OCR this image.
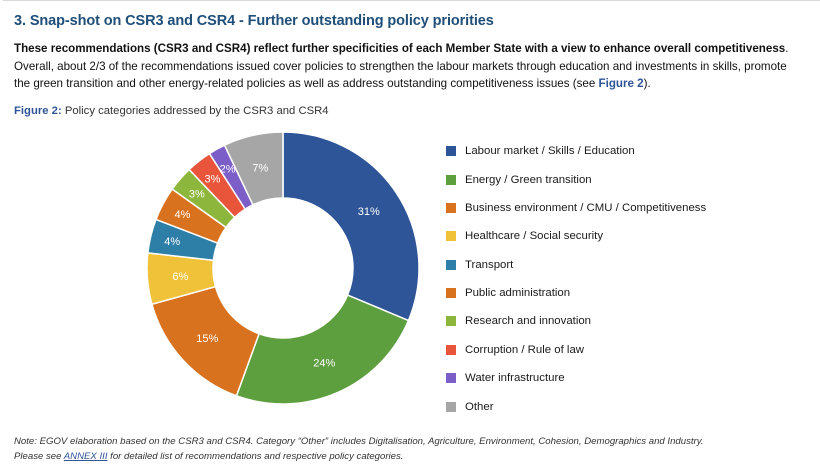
3. Snap-shot on CSR3 and CSR4 - Further outstanding policy priorities

These recommendations (CSR3 and CSR4) reflect further specificities of each Member State with a view to enhance overall competitiveness. Overall, about 2/3 of the recommendations issued cover policies to strengthen the labour markets through education and investments in skills, promote the green transition and other energy-related policies as well as address outstanding competitiveness issues (see Figure 2).

Figure 2: Policy categories addressed by the CSR3 and CSR4

31%
24%
15%
6%
4%
4%
3%
3%
2% 7%
Labour market / Skills / Education
Energy / Green transition
Business environment / CMU / Competitiveness
Healthcare / Social security
Transport
Public administration
Research and innovation
Corruption / Rule of law
Water infrastructure
Other
Note: EGOV elaboration based on the CSR3 and CSR4. Category “Other” includes Digitalisation, Agriculture, Environment, Cohesion, Demographics and Industry.
Please see ANNEX III for detailed list of recommendations and respective policy categories.
